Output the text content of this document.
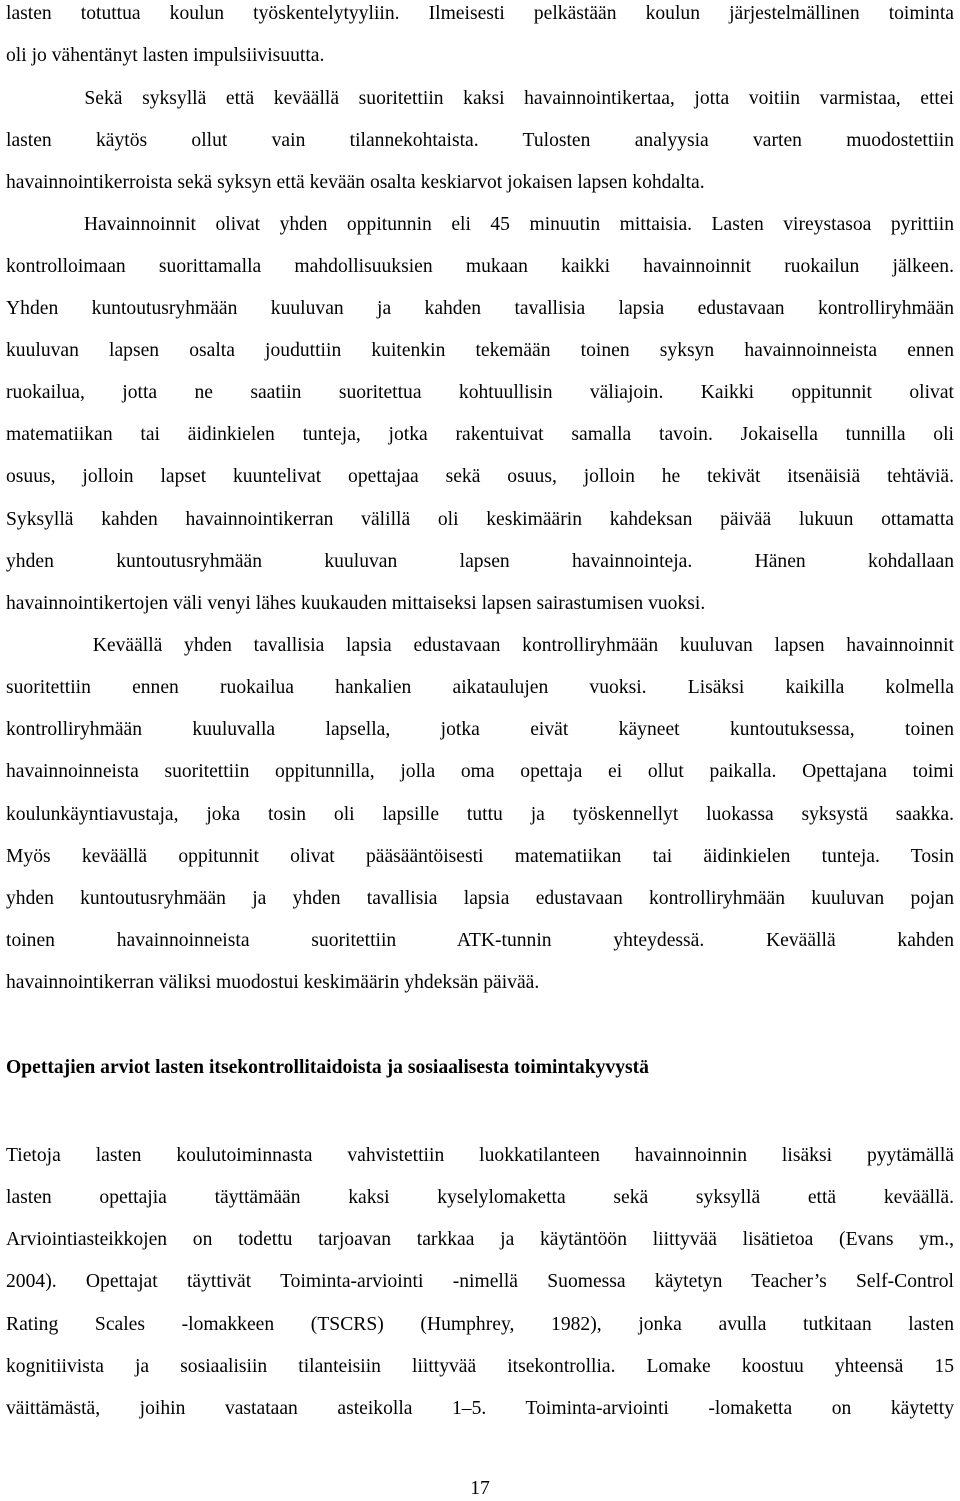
lasten totuttua koulun työskentelytyyliin. Ilmeisesti pelkästään koulun järjestelmällinen toiminta
oli jo vähentänyt lasten impulsiivisuutta.
Sekä syksyllä että keväällä suoritettiin kaksi havainnointikertaa, jotta voitiin varmistaa, ettei
lasten käytös ollut vain tilannekohtaista. Tulosten analyysia varten muodostettiin
havainnointikerroista sekä syksyn että kevään osalta keskiarvot jokaisen lapsen kohdalta.
Havainnoinnit olivat yhden oppitunnin eli 45 minuutin mittaisia. Lasten vireystasoa pyrittiin
kontrolloimaan suorittamalla mahdollisuuksien mukaan kaikki havainnoinnit ruokailun jälkeen.
Yhden kuntoutusryhmään kuuluvan ja kahden tavallisia lapsia edustavaan kontrolliryhmään
kuuluvan lapsen osalta jouduttiin kuitenkin tekemään toinen syksyn havainnoinneista ennen
ruokailua, jotta ne saatiin suoritettua kohtuullisin väliajoin. Kaikki oppitunnit olivat
matematiikan tai äidinkielen tunteja, jotka rakentuivat samalla tavoin. Jokaisella tunnilla oli
osuus, jolloin lapset kuuntelivat opettajaa sekä osuus, jolloin he tekivät itsenäisiä tehtäviä.
Syksyllä kahden havainnointikerran välillä oli keskimäärin kahdeksan päivää lukuun ottamatta
yhden kuntoutusryhmään kuuluvan lapsen havainnointeja. Hänen kohdallaan
havainnointikertojen väli venyi lähes kuukauden mittaiseksi lapsen sairastumisen vuoksi.
Keväällä yhden tavallisia lapsia edustavaan kontrolliryhmään kuuluvan lapsen havainnoinnit
suoritettiin ennen ruokailua hankalien aikataulujen vuoksi. Lisäksi kaikilla kolmella
kontrolliryhmään kuuluvalla lapsella, jotka eivät käyneet kuntoutuksessa, toinen
havainnoinneista suoritettiin oppitunnilla, jolla oma opettaja ei ollut paikalla. Opettajana toimi
koulunkäyntiavustaja, joka tosin oli lapsille tuttu ja työskennellyt luokassa syksystä saakka.
Myös keväällä oppitunnit olivat pääsääntöisesti matematiikan tai äidinkielen tunteja. Tosin
yhden kuntoutusryhmään ja yhden tavallisia lapsia edustavaan kontrolliryhmään kuuluvan pojan
toinen havainnoinneista suoritettiin ATK-tunnin yhteydessä. Keväällä kahden
havainnointikerran väliksi muodostui keskimäärin yhdeksän päivää.
Opettajien arviot lasten itsekontrollitaidoista ja sosiaalisesta toimintakyvystä
Tietoja lasten koulutoiminnasta vahvistettiin luokkatilanteen havainnoinnin lisäksi pyytämällä
lasten opettajia täyttämään kaksi kyselylomaketta sekä syksyllä että keväällä.
Arviointiasteikkojen on todettu tarjoavan tarkkaa ja käytäntöön liittyvää lisätietoa (Evans ym.,
2004). Opettajat täyttivät Toiminta-arviointi -nimellä Suomessa käytetyn Teacher’s Self-Control
Rating Scales -lomakkeen (TSCRS) (Humphrey, 1982), jonka avulla tutkitaan lasten
kognitiivista ja sosiaalisiin tilanteisiin liittyvää itsekontrollia. Lomake koostuu yhteensä 15
väittämästä, joihin vastataan asteikolla 1–5. Toiminta-arviointi -lomaketta on käytetty
17
